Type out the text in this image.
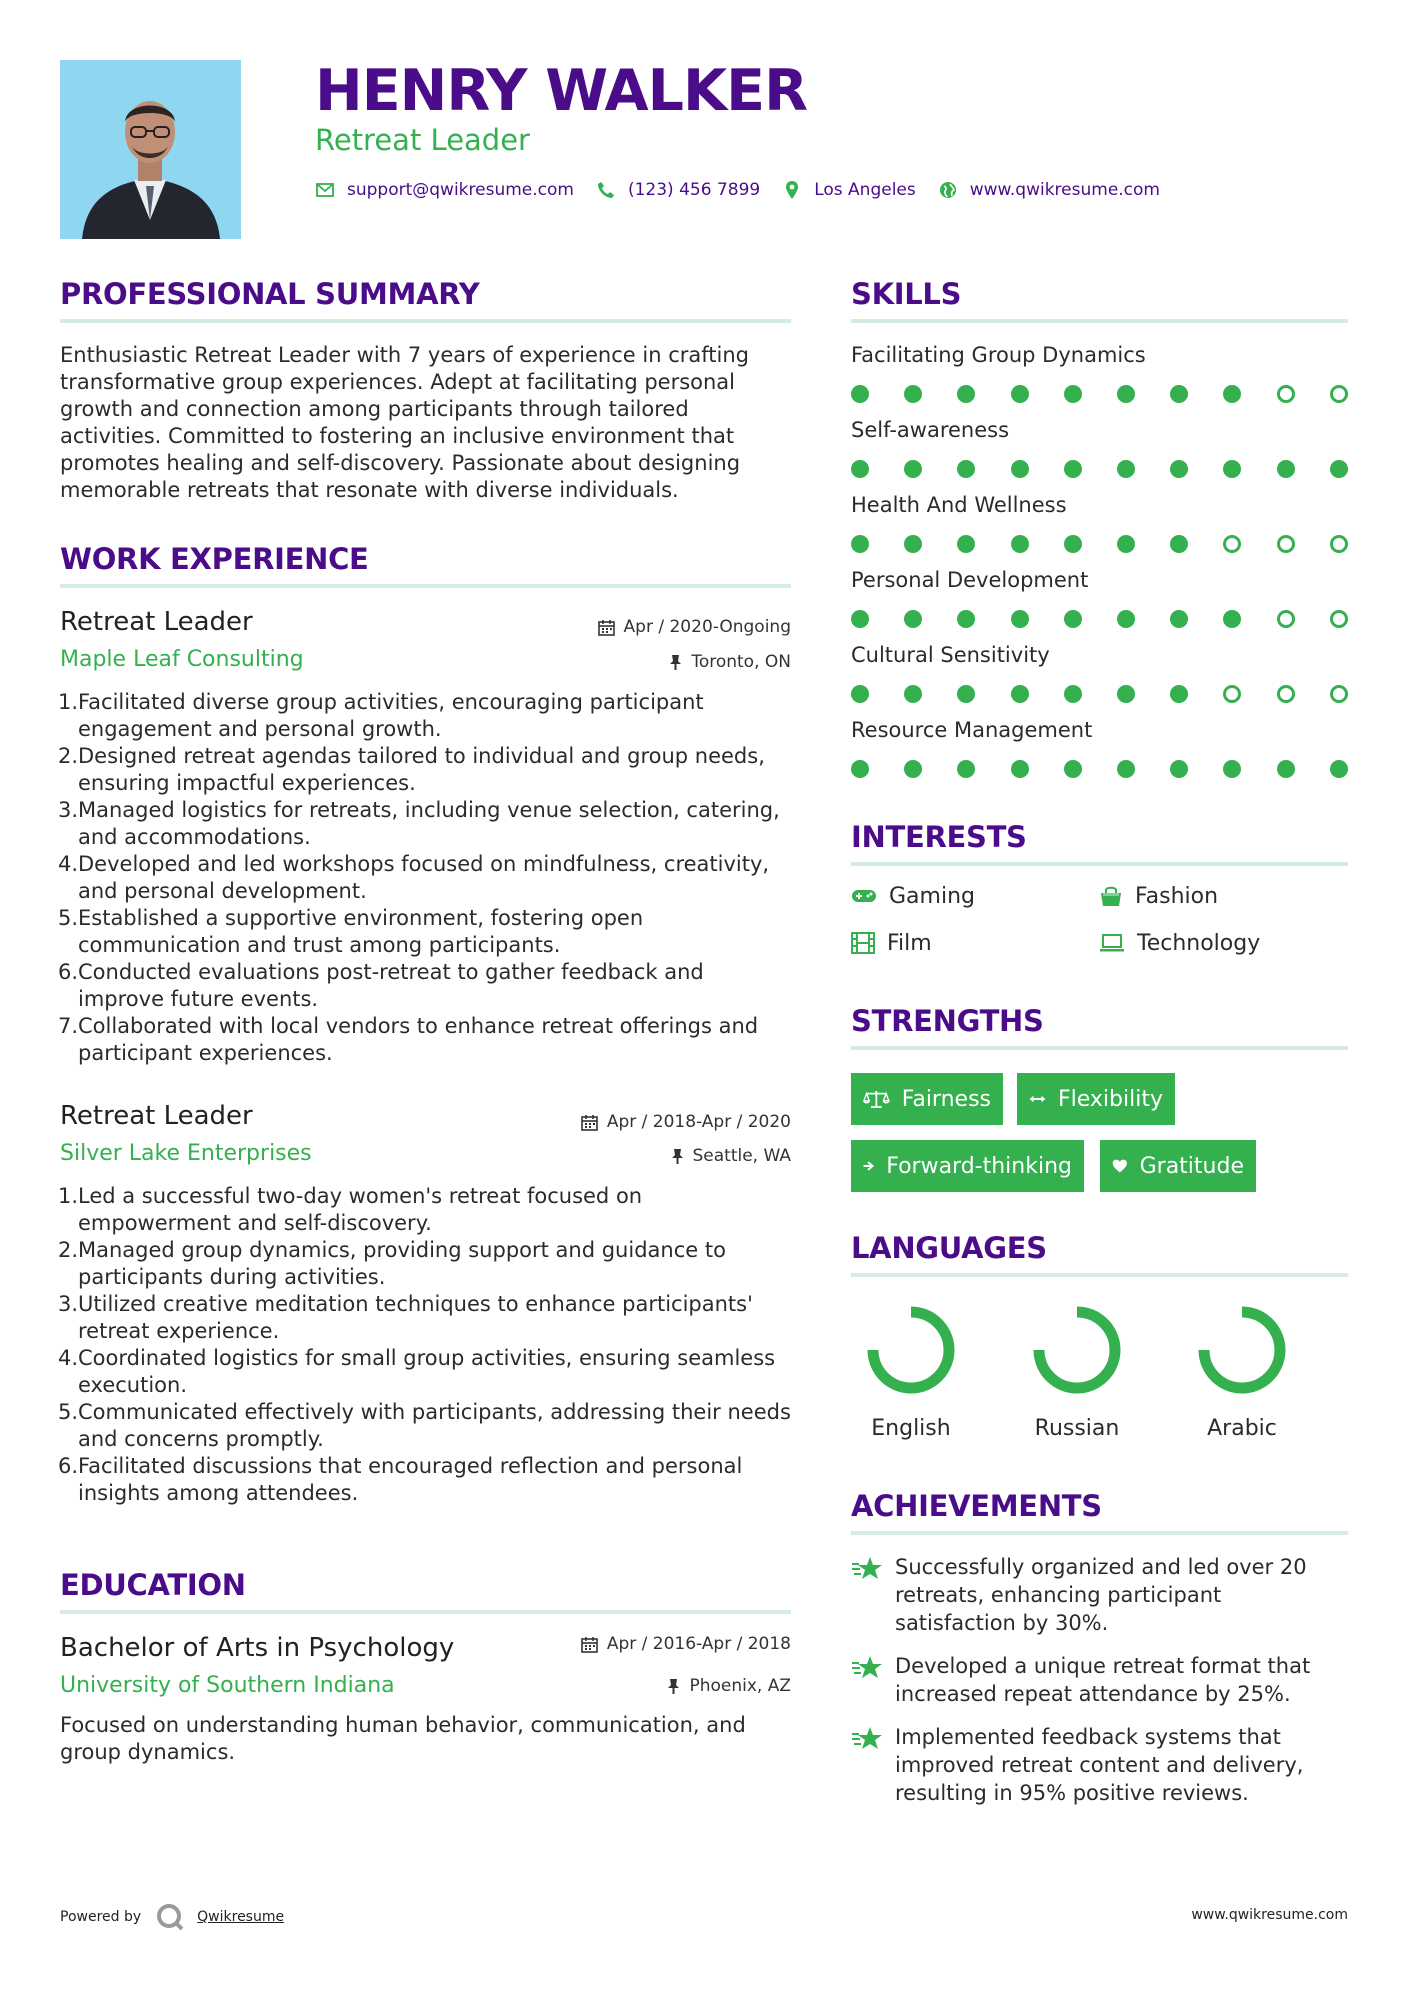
HENRY WALKER
Retreat Leader
support@qwikresume.com	(123) 456 7899	Los Angeles	www.qwikresume.com
PROFESSIONAL SUMMARY
Enthusiastic Retreat Leader with 7 years of experience in crafting transformative group experiences. Adept at facilitating personal growth and connection among participants through tailored activities. Committed to fostering an inclusive environment that promotes healing and self-discovery. Passionate about designing memorable retreats that resonate with diverse individuals.
WORK EXPERIENCE
Retreat Leader	Apr / 2020-Ongoing
Maple Leaf Consulting	Toronto, ON
1. Facilitated diverse group activities, encouraging participant engagement and personal growth.
2. Designed retreat agendas tailored to individual and group needs, ensuring impactful experiences.
3. Managed logistics for retreats, including venue selection, catering, and accommodations.
4. Developed and led workshops focused on mindfulness, creativity, and personal development.
5. Established a supportive environment, fostering open communication and trust among participants.
6. Conducted evaluations post-retreat to gather feedback and improve future events.
7. Collaborated with local vendors to enhance retreat offerings and participant experiences.
Retreat Leader	Apr / 2018-Apr / 2020
Silver Lake Enterprises	Seattle, WA
1. Led a successful two-day women's retreat focused on empowerment and self-discovery.
2. Managed group dynamics, providing support and guidance to participants during activities.
3. Utilized creative meditation techniques to enhance participants' retreat experience.
4. Coordinated logistics for small group activities, ensuring seamless execution.
5. Communicated effectively with participants, addressing their needs and concerns promptly.
6. Facilitated discussions that encouraged reflection and personal insights among attendees.
EDUCATION
Bachelor of Arts in Psychology	Apr / 2016-Apr / 2018
University of Southern Indiana	Phoenix, AZ
Focused on understanding human behavior, communication, and group dynamics.
SKILLS
Facilitating Group Dynamics
Self-awareness
Health And Wellness
Personal Development
Cultural Sensitivity
Resource Management
INTERESTS
Gaming	Fashion
Film	Technology
STRENGTHS
Fairness	Flexibility
Forward-thinking	Gratitude
LANGUAGES
English	Russian	Arabic
ACHIEVEMENTS
Successfully organized and led over 20 retreats, enhancing participant satisfaction by 30%.
Developed a unique retreat format that increased repeat attendance by 25%.
Implemented feedback systems that improved retreat content and delivery, resulting in 95% positive reviews.
Powered by	Qwikresume	www.qwikresume.com
